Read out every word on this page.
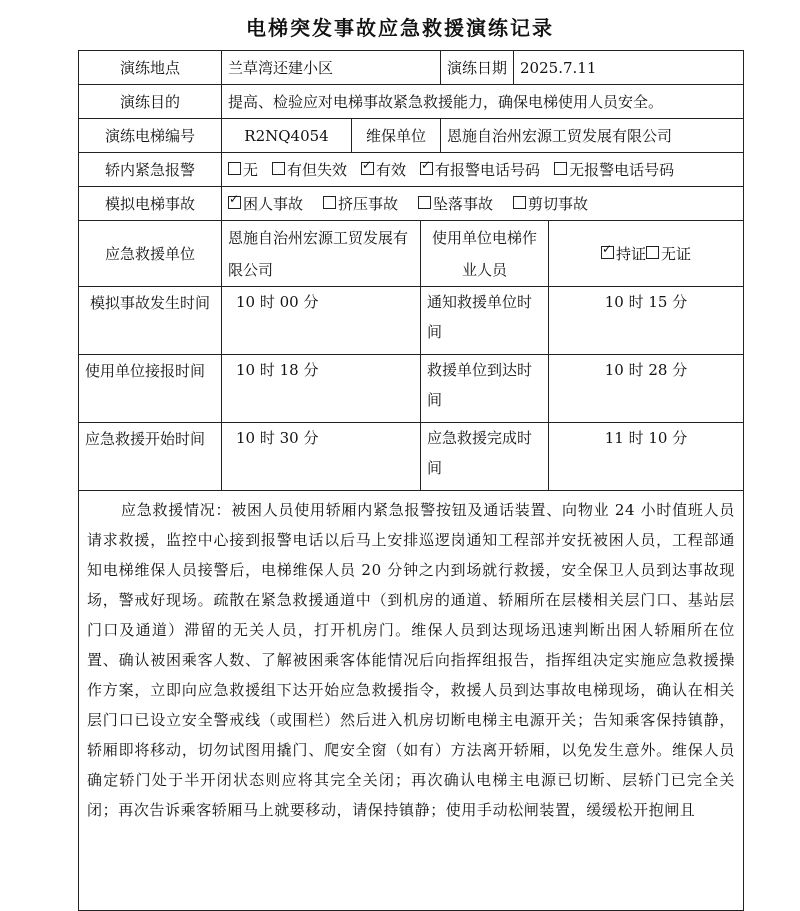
电梯突发事故应急救援演练记录
演练地点	兰草湾还建小区			演练日期	2025.7.11	
演练目的	提高、检验应对电梯事故紧急救援能力，确保电梯使用人员安全。					
演练电梯编号	R2NQ4054	维保单位		恩施自治州宏源工贸发展有限公司		
轿内紧急报警	无 有但失效 ✓ 有效 ✓ 有报警电话号码 无报警电话号码
模拟电梯事故	✓困人事故 挤压事故 坠落事故 剪切事故
应急救援单位	恩施自治州宏源工贸发展有限公司		使用单位电梯作业人员	✓持证 无证
模拟事故发生时间	10 时 00 分		通知救援单位时间			10 时 15 分
使用单位接报时间	10 时 18 分		救援单位到达时间			10 时 28 分
应急救援开始时间	10 时 30 分		应急救援完成时间			11 时 10 分
应急救援情况：被困人员使用轿厢内紧急报警按钮及通话装置、向物业 24 小时值班人员请求救援，监控中心接到报警电话以后马上安排巡逻岗通知工程部并安抚被困人员，工程部通知电梯维保人员接警后，电梯维保人员 20 分钟之内到场就行救援，安全保卫人员到达事故现场，警戒好现场。疏散在紧急救援通道中（到机房的通道、轿厢所在层楼相关层门口、基站层门口及通道）滞留的无关人员，打开机房门。维保人员到达现场迅速判断出困人轿厢所在位置、确认被困乘客人数、了解被困乘客体能情况后向指挥组报告，指挥组决定实施应急救援操作方案，立即向应急救援组下达开始应急救援指令，救援人员到达事故电梯现场，确认在相关层门口已设立安全警戒线（或围栏）然后进入机房切断电梯主电源开关；告知乘客保持镇静，轿厢即将移动，切勿试图用撬门、爬安全窗（如有）方法离开轿厢，以免发生意外。维保人员确定轿门处于半开闭状态则应将其完全关闭；再次确认电梯主电源已切断、层轿门已完全关闭；再次告诉乘客轿厢马上就要移动，请保持镇静；使用手动松闸装置，缓缓松开抱闸且						
